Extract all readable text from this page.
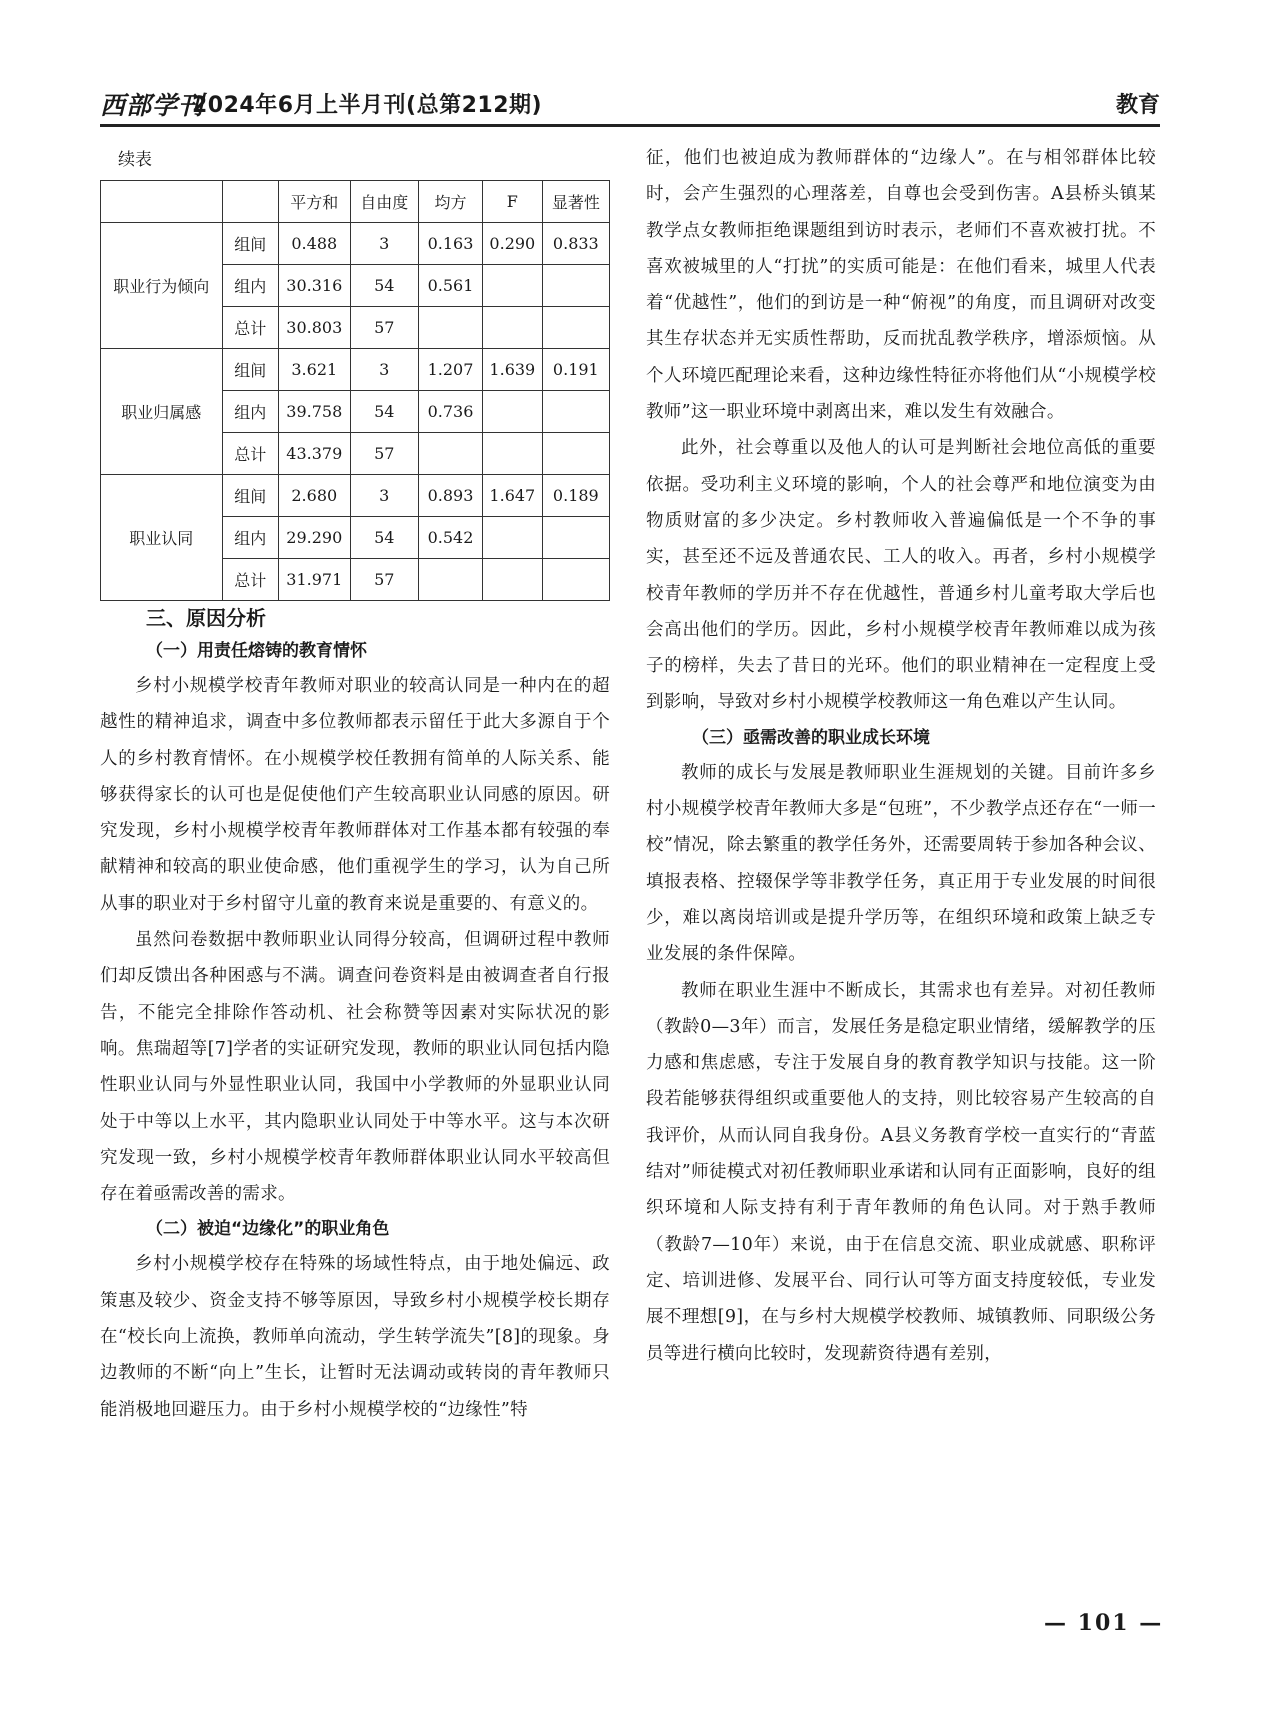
西部学刊
2024年6月上半月刊(总第212期)	教育
续表
		平方和	自由度	均方	F	显著性
职业行为倾向	组间	0.488	3	0.163	0.290	0.833
	组内	30.316	54	0.561		
	总计	30.803	57			
职业归属感	组间	3.621	3	1.207	1.639	0.191
	组内	39.758	54	0.736		
	总计	43.379	57			
职业认同	组间	2.680	3	0.893	1.647	0.189
	组内	29.290	54	0.542		
	总计	31.971	57			
三、原因分析
（一）用责任熔铸的教育情怀

乡村小规模学校青年教师对职业的较高认同是一种内在的超越性的精神追求，调查中多位教师都表示留任于此大多源自于个人的乡村教育情怀。在小规模学校任教拥有简单的人际关系、能够获得家长的认可也是促使他们产生较高职业认同感的原因。研究发现，乡村小规模学校青年教师群体对工作基本都有较强的奉献精神和较高的职业使命感，他们重视学生的学习，认为自己所从事的职业对于乡村留守儿童的教育来说是重要的、有意义的。

虽然问卷数据中教师职业认同得分较高，但调研过程中教师们却反馈出各种困惑与不满。调查问卷资料是由被调查者自行报告，不能完全排除作答动机、社会称赞等因素对实际状况的影响。焦瑞超等[7]学者的实证研究发现，教师的职业认同包括内隐性职业认同与外显性职业认同，我国中小学教师的外显职业认同处于中等以上水平，其内隐职业认同处于中等水平。这与本次研究发现一致，乡村小规模学校青年教师群体职业认同水平较高但存在着亟需改善的需求。

（二）被迫“边缘化”的职业角色

乡村小规模学校存在特殊的场域性特点，由于地处偏远、政策惠及较少、资金支持不够等原因，导致乡村小规模学校长期存在“校长向上流换，教师单向流动，学生转学流失”[8]的现象。身边教师的不断“向上”生长，让暂时无法调动或转岗的青年教师只能消极地回避压力。由于乡村小规模学校的“边缘性”特

征，他们也被迫成为教师群体的“边缘人”。在与相邻群体比较时，会产生强烈的心理落差，自尊也会受到伤害。A县桥头镇某教学点女教师拒绝课题组到访时表示，老师们不喜欢被打扰。不喜欢被城里的人“打扰”的实质可能是：在他们看来，城里人代表着“优越性”，他们的到访是一种“俯视”的角度，而且调研对改变其生存状态并无实质性帮助，反而扰乱教学秩序，增添烦恼。从个人环境匹配理论来看，这种边缘性特征亦将他们从“小规模学校教师”这一职业环境中剥离出来，难以发生有效融合。

此外，社会尊重以及他人的认可是判断社会地位高低的重要依据。受功利主义环境的影响，个人的社会尊严和地位演变为由物质财富的多少决定。乡村教师收入普遍偏低是一个不争的事实，甚至还不远及普通农民、工人的收入。再者，乡村小规模学校青年教师的学历并不存在优越性，普通乡村儿童考取大学后也会高出他们的学历。因此，乡村小规模学校青年教师难以成为孩子的榜样，失去了昔日的光环。他们的职业精神在一定程度上受到影响，导致对乡村小规模学校教师这一角色难以产生认同。

（三）亟需改善的职业成长环境

教师的成长与发展是教师职业生涯规划的关键。目前许多乡村小规模学校青年教师大多是“包班”，不少教学点还存在“一师一校”情况，除去繁重的教学任务外，还需要周转于参加各种会议、填报表格、控辍保学等非教学任务，真正用于专业发展的时间很少，难以离岗培训或是提升学历等，在组织环境和政策上缺乏专业发展的条件保障。

教师在职业生涯中不断成长，其需求也有差异。对初任教师（教龄0—3年）而言，发展任务是稳定职业情绪，缓解教学的压力感和焦虑感，专注于发展自身的教育教学知识与技能。这一阶段若能够获得组织或重要他人的支持，则比较容易产生较高的自我评价，从而认同自我身份。A县义务教育学校一直实行的“青蓝结对”师徒模式对初任教师职业承诺和认同有正面影响，良好的组织环境和人际支持有利于青年教师的角色认同。对于熟手教师（教龄7—10年）来说，由于在信息交流、职业成就感、职称评定、培训进修、发展平台、同行认可等方面支持度较低，专业发展不理想[9]，在与乡村大规模学校教师、城镇教师、同职级公务员等进行横向比较时，发现薪资待遇有差别，

— 101 —
